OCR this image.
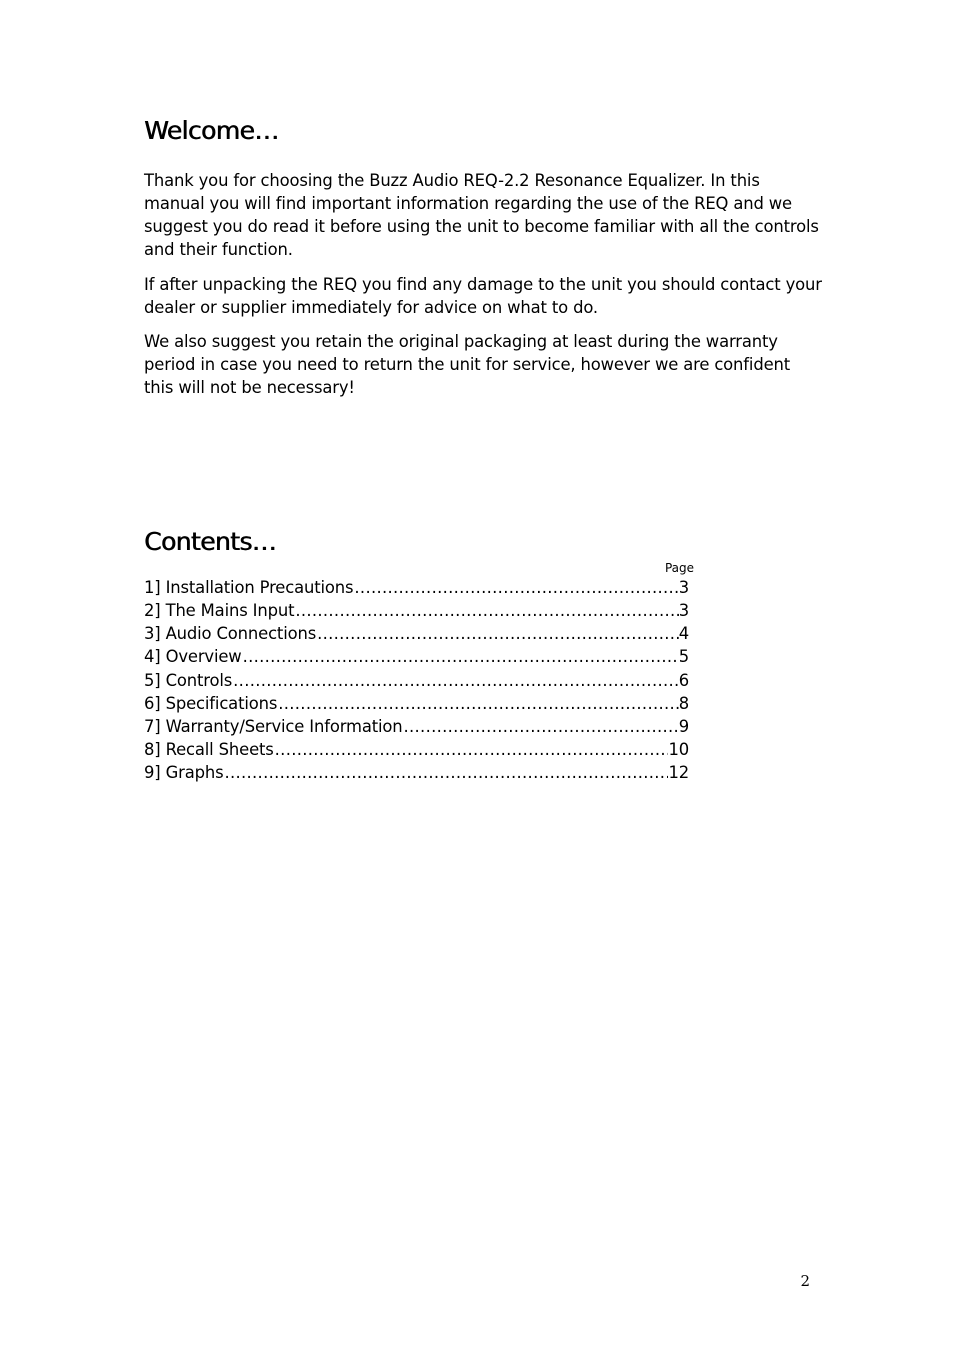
Welcome…

Thank you for choosing the Buzz Audio REQ-2.2 Resonance Equalizer. In this manual you will find important information regarding the use of the REQ and we suggest you do read it before using the unit to become familiar with all the controls and their function.

If after unpacking the REQ you find any damage to the unit you should contact your dealer or supplier immediately for advice on what to do.

We also suggest you retain the original packaging at least during the warranty period in case you need to return the unit for service, however we are confident this will not be necessary!

Contents…
Page
1] Installation Precautions .....	3
2] The Mains Input .....	3
3] Audio Connections .....	4
4] Overview .....	5
5] Controls .....	6
6] Specifications .....	8
7] Warranty/Service Information .....	9
8] Recall Sheets .....	10
9] Graphs .....	12
2
